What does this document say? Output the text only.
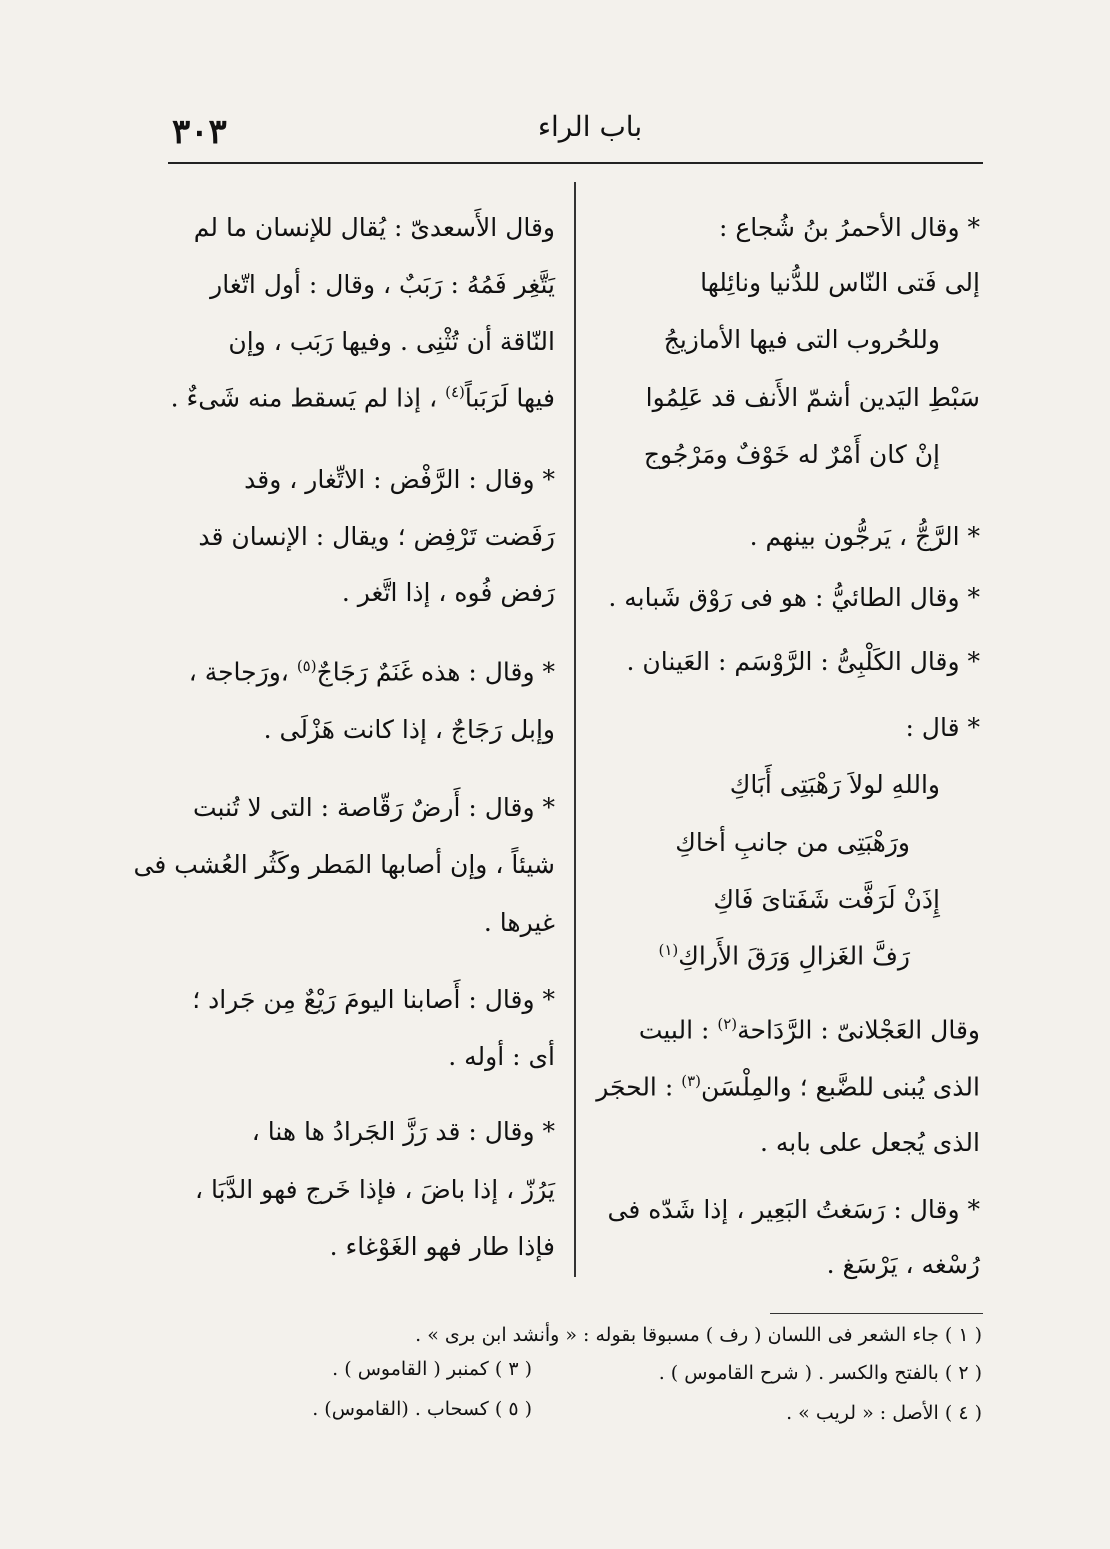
٣٠٣	باب الراء
* وقال الأحمرُ بنُ شُجاع :
إلى فَتى النّاس للدُّنيا ونائِلها
وللحُروب التى فيها الأمازيجُ
سَبْطِ اليَدين أشمّ الأَنف قد عَلِمُوا
إنْ كان أَمْرٌ له خَوْفٌ ومَرْجُوج
* الرَّجُّ ، يَرجُّون بينهم .
* وقال الطائيُّ : هو فى رَوْق شَبابه .
* وقال الكَلْبِىُّ : الرَّوْسَم : العَينان .
* قال :
واللهِ لولاَ رَهْبَتِى أَبَاكِ
ورَهْبَتِى من جانبِ أخاكِ
إِذَنْ لَرَفَّت شَفَتاىَ فَاكِ
رَفَّ الغَزالِ وَرَقَ الأَراكِ$^{(١)}$
وقال العَجْلانىّ : الرَّدَاحة$^{(٢)}$ : البيت
الذى يُبنى للضَّبع ؛ والمِلْسَن$^{(٣)}$ : الحجَر
الذى يُجعل على بابه .
* وقال : رَسَغتُ البَعِير ، إذا شَدّه فى
رُسْغه ، يَرْسَغ .
وقال الأَسعدىّ : يُقال للإنسان ما لم
يَتَّغِر فَمُهُ : رَبَبٌ ، وقال : أول اتّغار
النّاقة أن تُثْنِى . وفيها رَبَب ، وإن
فيها لَرَبَباً$^{(٤)}$ ، إذا لم يَسقط منه شَىءٌ .
* وقال : الرَّفْض : الاتِّغار ، وقد
رَفَضت تَرْفِض ؛ ويقال : الإنسان قد
رَفض فُوه ، إذا اتَّغر .
* وقال : هذه غَنَمٌ رَجَاجٌ$^{(٥)}$ ،ورَجاجة ،
وإبل رَجَاجٌ ، إذا كانت هَزْلَى .
* وقال : أَرضٌ رَقّاصة : التى لا تُنبت
شيئاً ، وإن أصابها المَطر وكَثُر العُشب فى
غيرها .
* وقال : أَصابنا اليومَ رَيْعٌ مِن جَراد ؛
أى : أوله .
* وقال : قد رَزَّ الجَرادُ ها هنا ،
يَرُزّ ، إذا باضَ ، فإذا خَرج فهو الدَّبَا ،
فإذا طار فهو الغَوْغاء .
( ١ ) جاء الشعر فى اللسان ( رف ) مسبوقا بقوله : « وأنشد ابن برى » .
( ٢ ) بالفتح والكسر . ( شرح القاموس ) .
( ٣ ) كمنبر ( القاموس ) .
( ٤ ) الأصل : « لريب » .
( ٥ ) كسحاب . (القاموس) .
